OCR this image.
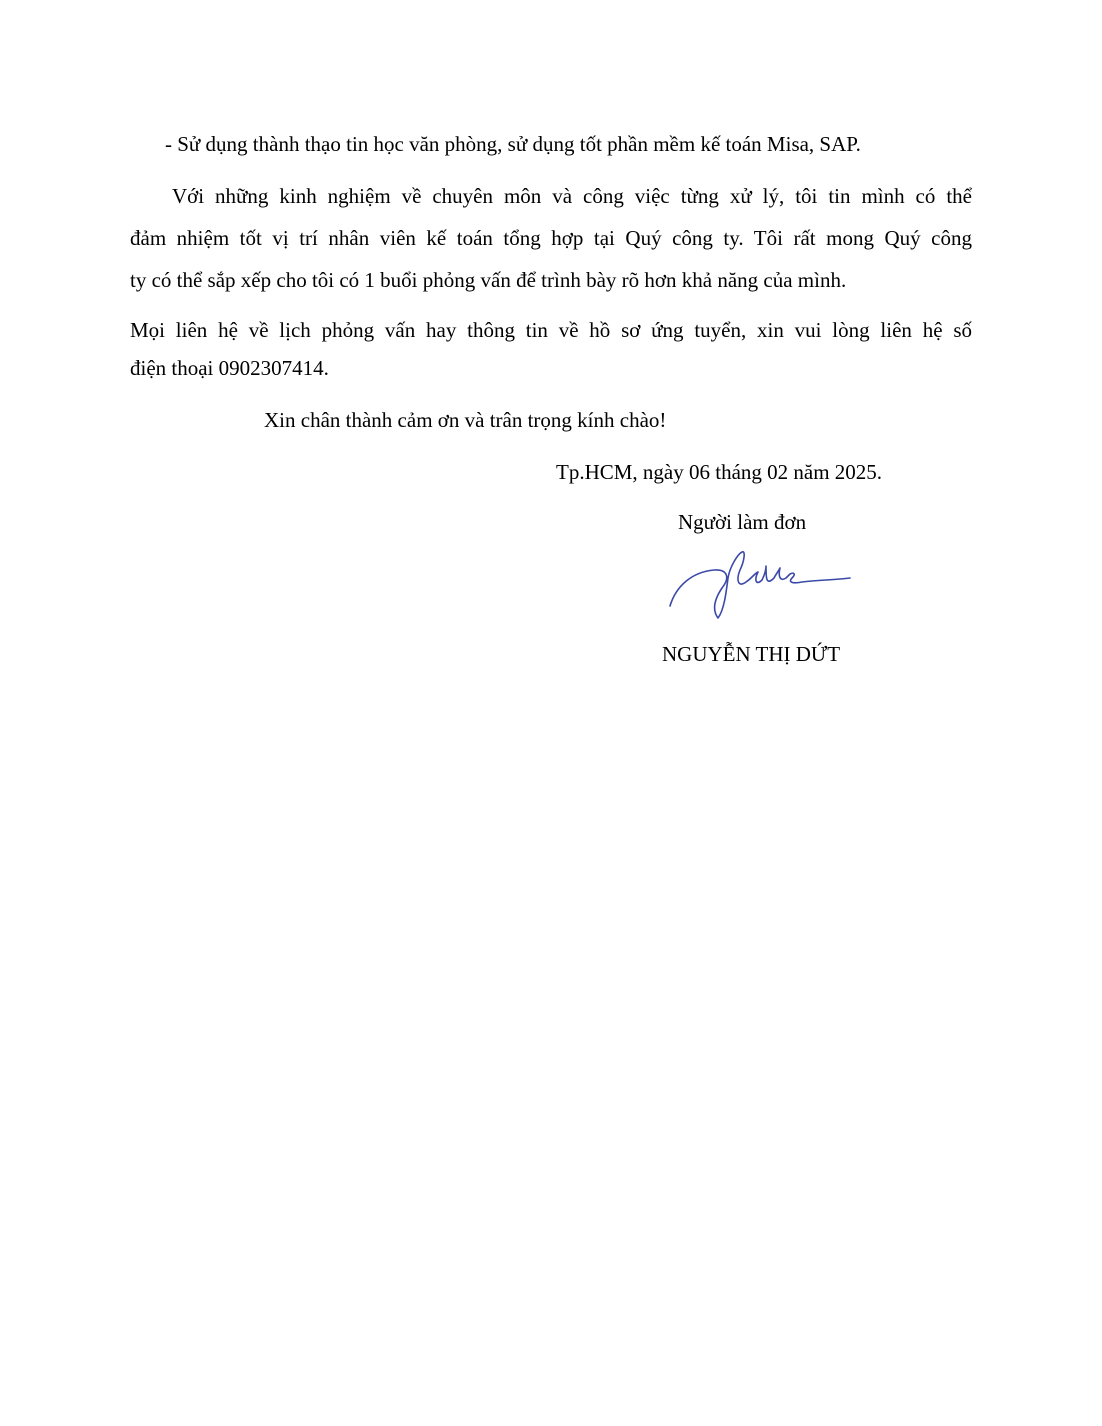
- Sử dụng thành thạo tin học văn phòng, sử dụng tốt phần mềm kế toán Misa, SAP.
Với những kinh nghiệm về chuyên môn và công việc từng xử lý, tôi tin mình có thể
đảm nhiệm tốt vị trí nhân viên kế toán tổng hợp tại Quý công ty. Tôi rất mong Quý công
ty có thể sắp xếp cho tôi có 1 buổi phỏng vấn để trình bày rõ hơn khả năng của mình.
Mọi liên hệ về lịch phỏng vấn hay thông tin về hồ sơ ứng tuyển, xin vui lòng liên hệ số
điện thoại 0902307414.
Xin chân thành cảm ơn và trân trọng kính chào!
Tp.HCM, ngày 06 tháng 02 năm 2025.
Người làm đơn
NGUYỄN THỊ DỨT
